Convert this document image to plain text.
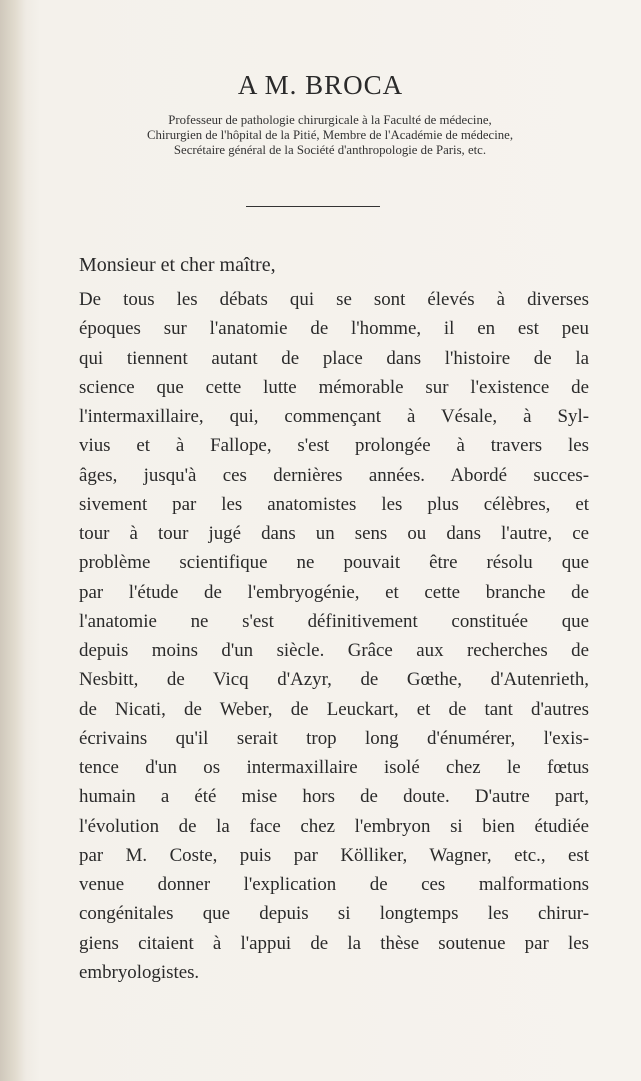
A M. BROCA
Professeur de pathologie chirurgicale à la Faculté de médecine,
Chirurgien de l'hôpital de la Pitié, Membre de l'Académie de médecine,
Secrétaire général de la Société d'anthropologie de Paris, etc.
Monsieur et cher maître,
De tous les débats qui se sont élevés à diverses
époques sur l'anatomie de l'homme, il en est peu
qui tiennent autant de place dans l'histoire de la
science que cette lutte mémorable sur l'existence de
l'intermaxillaire, qui, commençant à Vésale, à Syl-
vius et à Fallope, s'est prolongée à travers les
âges, jusqu'à ces dernières années. Abordé succes-
sivement par les anatomistes les plus célèbres, et
tour à tour jugé dans un sens ou dans l'autre, ce
problème scientifique ne pouvait être résolu que
par l'étude de l'embryogénie, et cette branche de
l'anatomie ne s'est définitivement constituée que
depuis moins d'un siècle. Grâce aux recherches de
Nesbitt, de Vicq d'Azyr, de Gœthe, d'Autenrieth,
de Nicati, de Weber, de Leuckart, et de tant d'autres
écrivains qu'il serait trop long d'énumérer, l'exis-
tence d'un os intermaxillaire isolé chez le fœtus
humain a été mise hors de doute. D'autre part,
l'évolution de la face chez l'embryon si bien étudiée
par M. Coste, puis par Kölliker, Wagner, etc., est
venue donner l'explication de ces malformations
congénitales que depuis si longtemps les chirur-
giens citaient à l'appui de la thèse soutenue par les
embryologistes.
